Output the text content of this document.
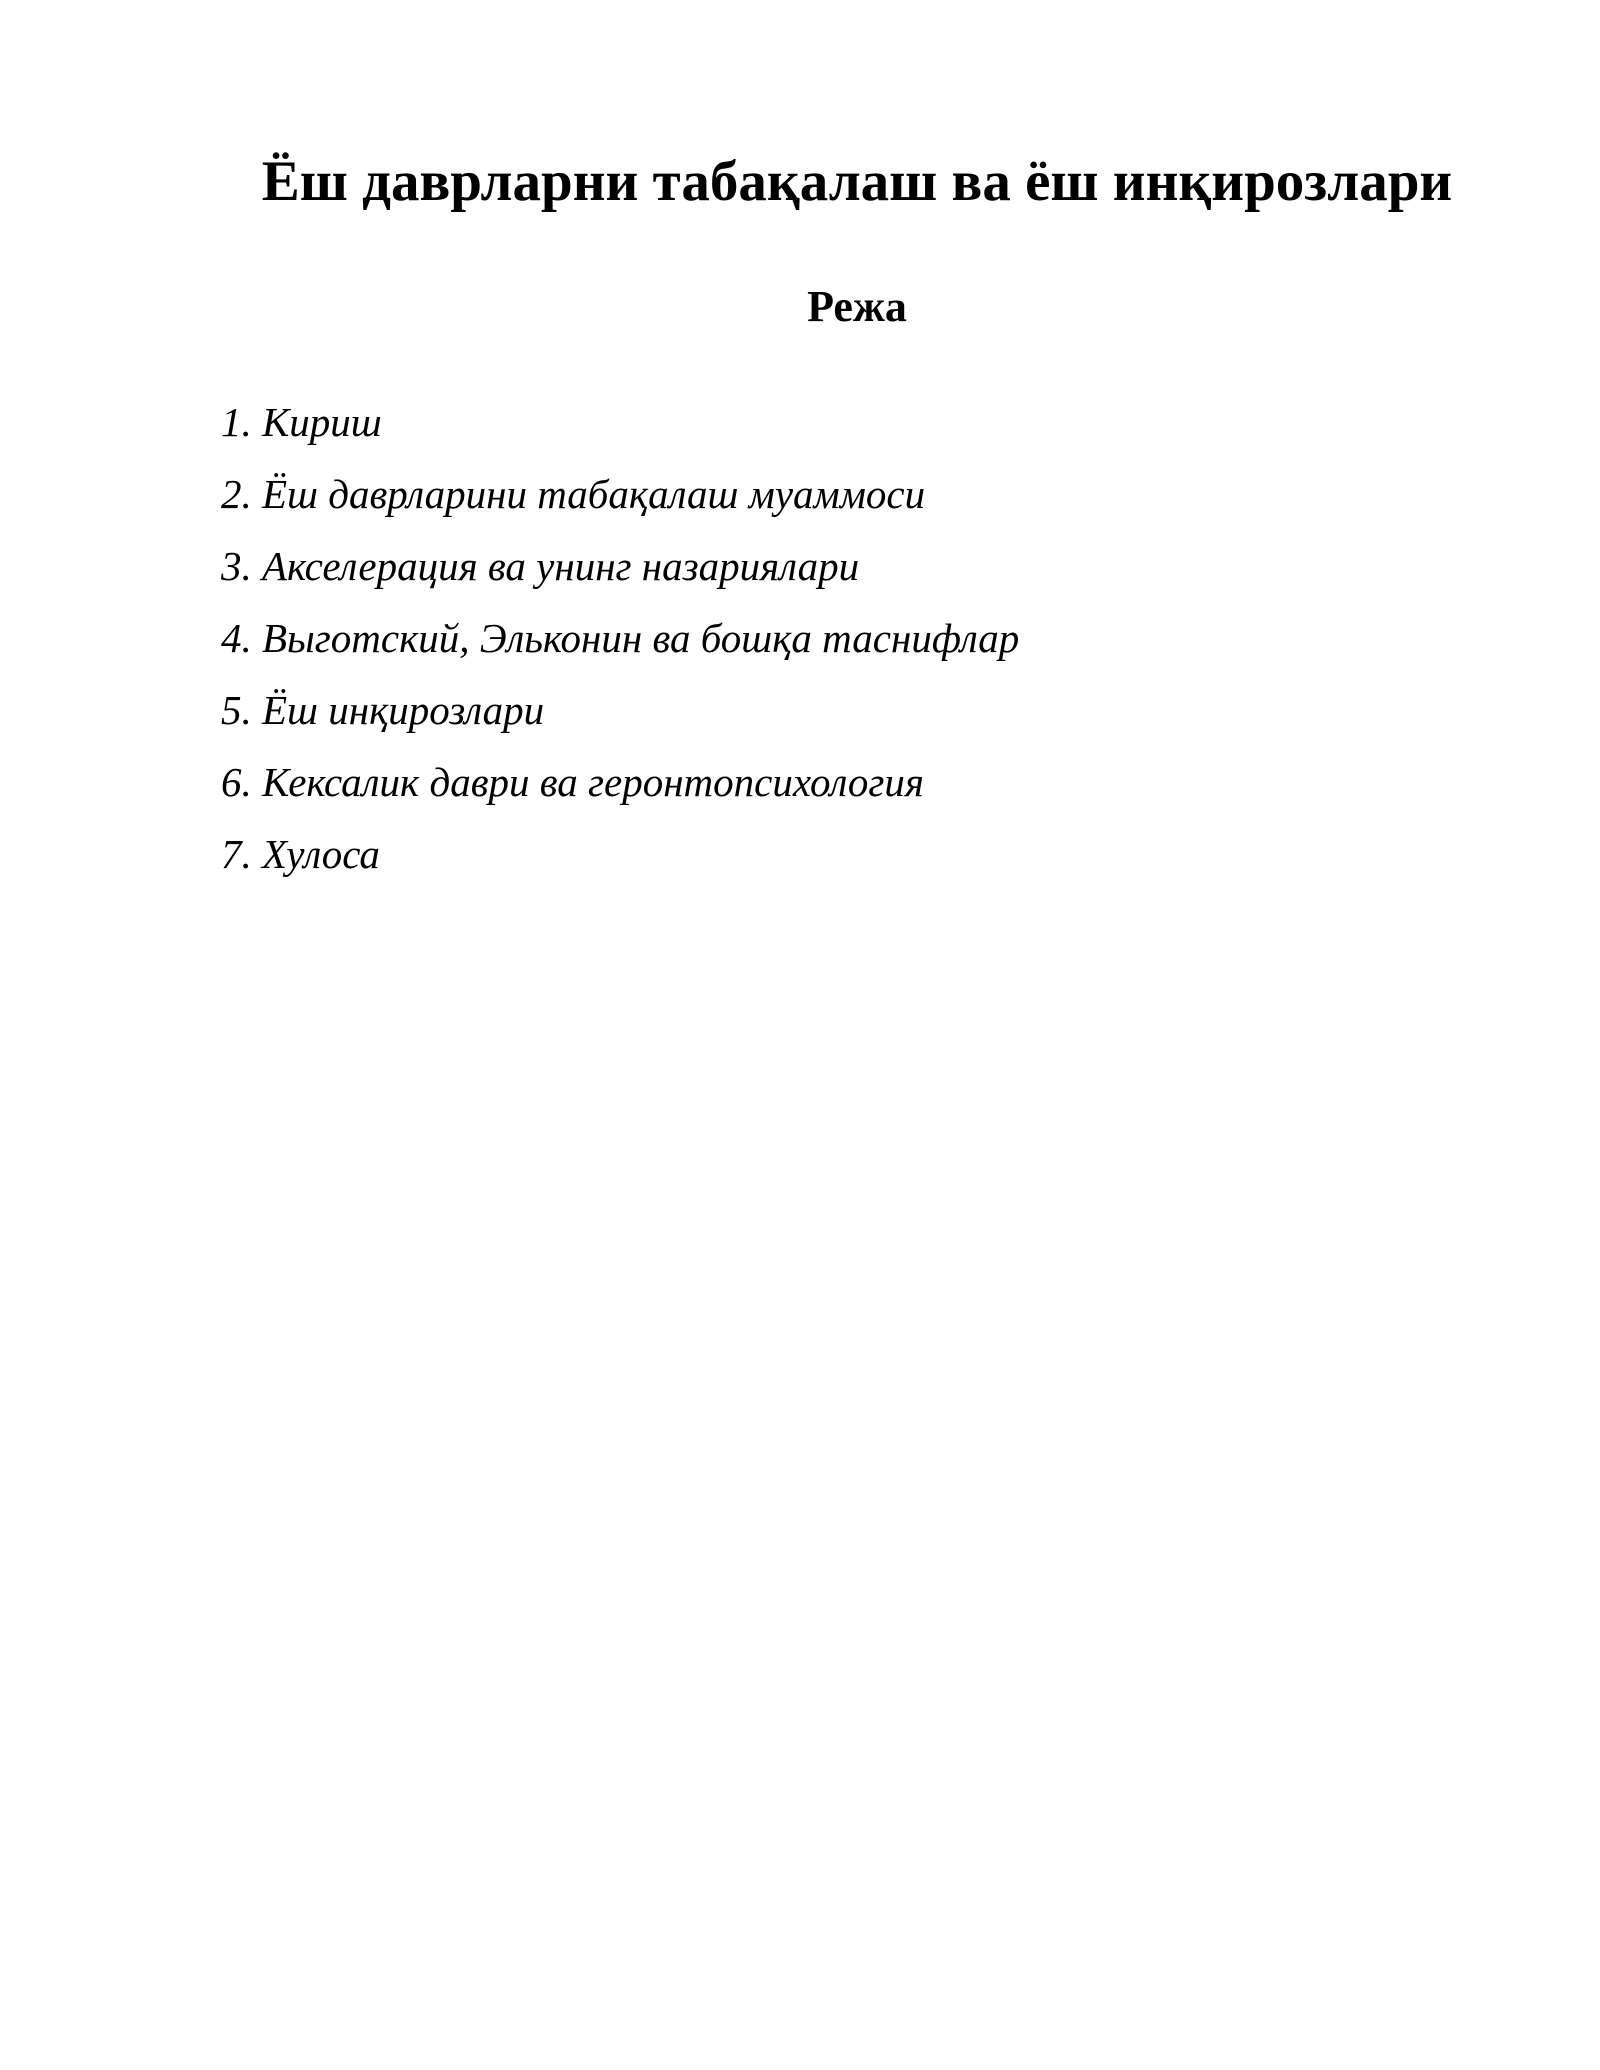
Ёш даврларни табақалаш ва ёш инқирозлари
Режа
1. Кириш
2. Ёш даврларини табақалаш муаммоси
3. Акселерация ва унинг назариялари
4. Выготский, Эльконин ва бошқа таснифлар
5. Ёш инқирозлари
6. Кексалик даври ва геронтопсихология
7. Хулоса
